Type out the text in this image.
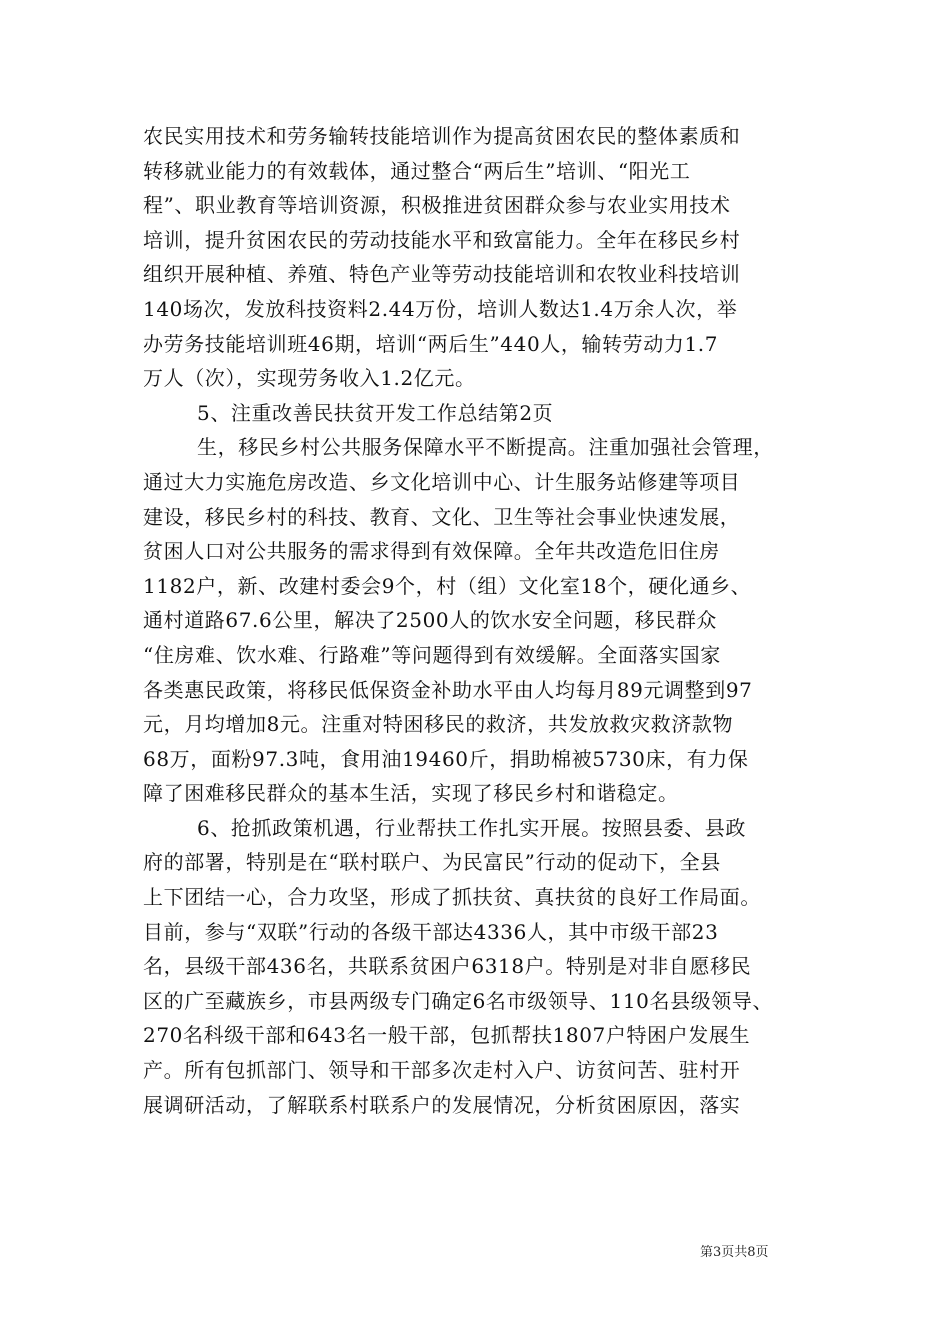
农民实用技术和劳务输转技能培训作为提高贫困农民的整体素质和
转移就业能力的有效载体，通过整合“两后生”培训、“阳光工
程”、职业教育等培训资源，积极推进贫困群众参与农业实用技术
培训，提升贫困农民的劳动技能水平和致富能力。全年在移民乡村
组织开展种植、养殖、特色产业等劳动技能培训和农牧业科技培训
140场次，发放科技资料2.44万份，培训人数达1.4万余人次，举
办劳务技能培训班46期，培训“两后生”440人，输转劳动力1.7
万人（次），实现劳务收入1.2亿元。
5、注重改善民扶贫开发工作总结第2页
生，移民乡村公共服务保障水平不断提高。注重加强社会管理，
通过大力实施危房改造、乡文化培训中心、计生服务站修建等项目
建设，移民乡村的科技、教育、文化、卫生等社会事业快速发展，
贫困人口对公共服务的需求得到有效保障。全年共改造危旧住房
1182户，新、改建村委会9个，村（组）文化室18个，硬化通乡、
通村道路67.6公里，解决了2500人的饮水安全问题，移民群众
“住房难、饮水难、行路难”等问题得到有效缓解。全面落实国家
各类惠民政策，将移民低保资金补助水平由人均每月89元调整到97
元，月均增加8元。注重对特困移民的救济，共发放救灾救济款物
68万，面粉97.3吨，食用油19460斤，捐助棉被5730床，有力保
障了困难移民群众的基本生活，实现了移民乡村和谐稳定。
6、抢抓政策机遇，行业帮扶工作扎实开展。按照县委、县政
府的部署，特别是在“联村联户、为民富民”行动的促动下，全县
上下团结一心，合力攻坚，形成了抓扶贫、真扶贫的良好工作局面。
目前，参与“双联”行动的各级干部达4336人，其中市级干部23
名，县级干部436名，共联系贫困户6318户。特别是对非自愿移民
区的广至藏族乡，市县两级专门确定6名市级领导、110名县级领导、
270名科级干部和643名一般干部，包抓帮扶1807户特困户发展生
产。所有包抓部门、领导和干部多次走村入户、访贫问苦、驻村开
展调研活动，了解联系村联系户的发展情况，分析贫困原因，落实
第3页共8页
